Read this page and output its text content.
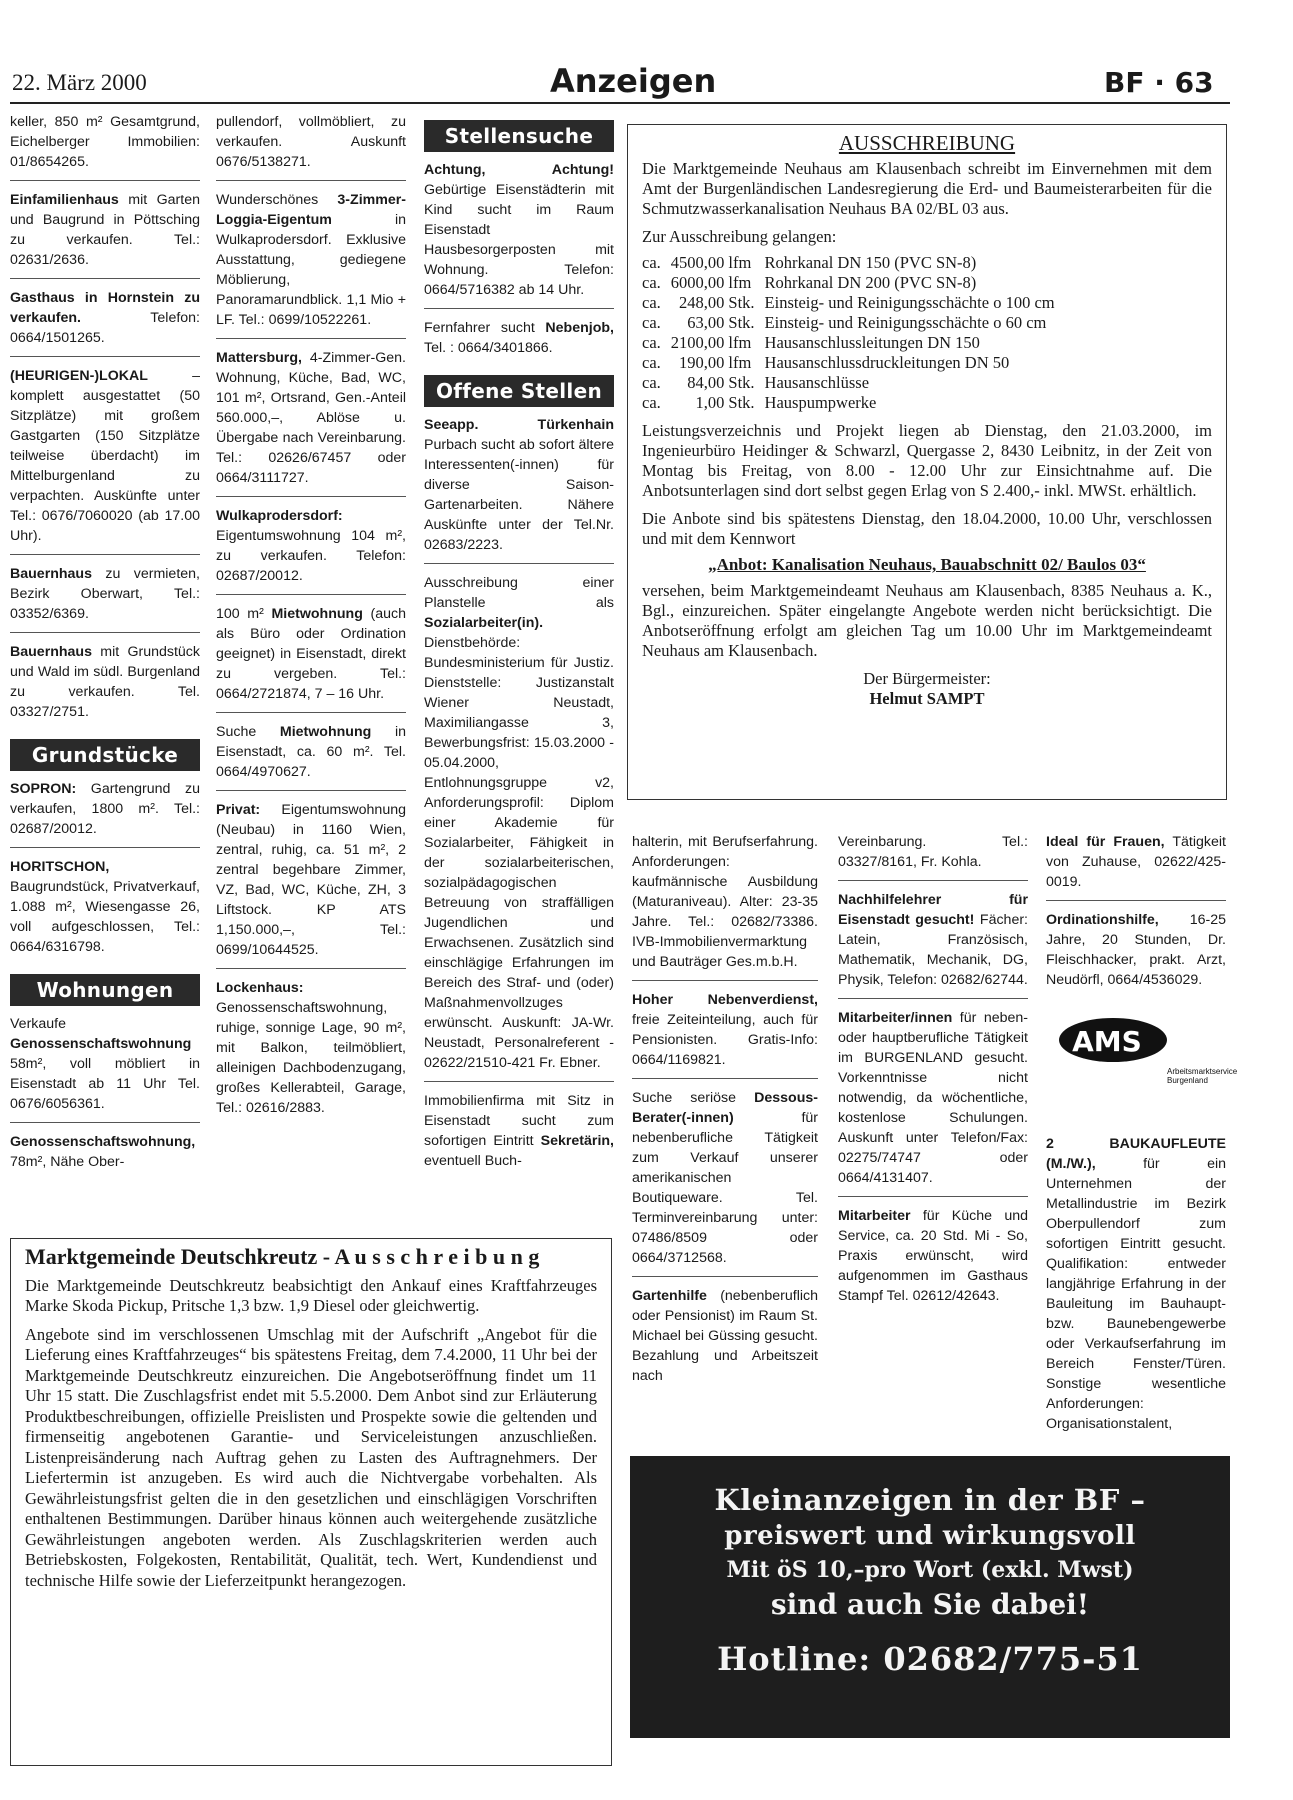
22. März 2000	Anzeigen	BF · 63
keller, 850 m² Gesamtgrund, Eichelberger Immobilien: 01/8654265.
Einfamilienhaus mit Garten und Baugrund in Pöttsching zu verkaufen. Tel.: 02631/2636.
Gasthaus in Hornstein zu verkaufen. Telefon: 0664/1501265.
(HEURIGEN-)LOKAL – komplett ausgestattet (50 Sitzplätze) mit großem Gastgarten (150 Sitzplätze teilweise überdacht) im Mittelburgenland zu verpachten. Auskünfte unter Tel.: 0676/7060020 (ab 17.00 Uhr).
Bauernhaus zu vermieten, Bezirk Oberwart, Tel.: 03352/6369.
Bauernhaus mit Grundstück und Wald im südl. Burgenland zu verkaufen. Tel. 03327/2751.
Grundstücke
SOPRON: Gartengrund zu verkaufen, 1800 m². Tel.: 02687/20012.
HORITSCHON, Baugrundstück, Privatverkauf, 1.088 m², Wiesengasse 26, voll aufgeschlossen, Tel.: 0664/6316798.
Wohnungen
Verkaufe Genossenschaftswohnung 58m², voll möbliert in Eisenstadt ab 11 Uhr Tel. 0676/6056361.
Genossenschaftswohnung, 78m², Nähe Ober-
pullendorf, vollmöbliert, zu verkaufen. Auskunft 0676/5138271.
Wunderschönes 3-Zimmer-Loggia-Eigentum in Wulkaprodersdorf. Exklusive Ausstattung, gediegene Möblierung, Panoramarundblick. 1,1 Mio + LF. Tel.: 0699/10522261.
Mattersburg, 4-Zimmer-Gen. Wohnung, Küche, Bad, WC, 101 m², Ortsrand, Gen.-Anteil 560.000,–, Ablöse u. Übergabe nach Vereinbarung. Tel.: 02626/67457 oder 0664/3111727.
Wulkaprodersdorf: Eigentumswohnung 104 m², zu verkaufen. Telefon: 02687/20012.
100 m² Mietwohnung (auch als Büro oder Ordination geeignet) in Eisenstadt, direkt zu vergeben. Tel.: 0664/2721874, 7 – 16 Uhr.
Suche Mietwohnung in Eisenstadt, ca. 60 m². Tel. 0664/4970627.
Privat: Eigentumswohnung (Neubau) in 1160 Wien, zentral, ruhig, ca. 51 m², 2 zentral begehbare Zimmer, VZ, Bad, WC, Küche, ZH, 3 Liftstock. KP ATS 1,150.000,–, Tel.: 0699/10644525.
Lockenhaus: Genossenschaftswohnung, ruhige, sonnige Lage, 90 m², mit Balkon, teilmöbliert, alleinigen Dachbodenzugang, großes Kellerabteil, Garage, Tel.: 02616/2883.
Stellensuche
Achtung, Achtung! Gebürtige Eisenstädterin mit Kind sucht im Raum Eisenstadt Hausbesorgerposten mit Wohnung. Telefon: 0664/5716382 ab 14 Uhr.
Fernfahrer sucht Nebenjob, Tel. : 0664/3401866.
Offene Stellen
Seeapp. Türkenhain Purbach sucht ab sofort ältere Interessenten(-innen) für diverse Saison-Gartenarbeiten. Nähere Auskünfte unter der Tel.Nr. 02683/2223.
Ausschreibung einer Planstelle als Sozialarbeiter(in). Dienstbehörde: Bundesministerium für Justiz. Dienststelle: Justizanstalt Wiener Neustadt, Maximiliangasse 3, Bewerbungsfrist: 15.03.2000 - 05.04.2000, Entlohnungsgruppe v2, Anforderungsprofil: Diplom einer Akademie für Sozialarbeiter, Fähigkeit in der sozialarbeiterischen, sozialpädagogischen Betreuung von straffälligen Jugendlichen und Erwachsenen. Zusätzlich sind einschlägige Erfahrungen im Bereich des Straf- und (oder) Maßnahmenvollzuges erwünscht. Auskunft: JA-Wr. Neustadt, Personalreferent - 02622/21510-421 Fr. Ebner.
Immobilienfirma mit Sitz in Eisenstadt sucht zum sofortigen Eintritt Sekretärin, eventuell Buch-
AUSSCHREIBUNG

Die Marktgemeinde Neuhaus am Klausenbach schreibt im Einvernehmen mit dem Amt der Burgenländischen Landesregierung die Erd- und Baumeisterarbeiten für die Schmutzwasserkanalisation Neuhaus BA 02/BL 03 aus.

Zur Ausschreibung gelangen:

ca.	4500,00	lfm	Rohrkanal DN 150 (PVC SN-8)
ca.	6000,00	lfm	Rohrkanal DN 200 (PVC SN-8)
ca.	248,00	Stk.	Einsteig- und Reinigungsschächte o 100 cm
ca.	63,00	Stk.	Einsteig- und Reinigungsschächte o 60 cm
ca.	2100,00	lfm	Hausanschlussleitungen DN 150
ca.	190,00	lfm	Hausanschlussdruckleitungen DN 50
ca.	84,00	Stk.	Hausanschlüsse
ca.	1,00	Stk.	Hauspumpwerke

Leistungsverzeichnis und Projekt liegen ab Dienstag, den 21.03.2000, im Ingenieurbüro Heidinger & Schwarzl, Quergasse 2, 8430 Leibnitz, in der Zeit von Montag bis Freitag, von 8.00 - 12.00 Uhr zur Einsichtnahme auf. Die Anbotsunterlagen sind dort selbst gegen Erlag von S 2.400,- inkl. MWSt. erhältlich.

Die Anbote sind bis spätestens Dienstag, den 18.04.2000, 10.00 Uhr, verschlossen und mit dem Kennwort

„Anbot: Kanalisation Neuhaus, Bauabschnitt 02/ Baulos 03“

versehen, beim Marktgemeindeamt Neuhaus am Klausenbach, 8385 Neuhaus a. K., Bgl., einzureichen. Später eingelangte Angebote werden nicht berücksichtigt. Die Anbotseröffnung erfolgt am gleichen Tag um 10.00 Uhr im Marktgemeindeamt Neuhaus am Klausenbach.

Der Bürgermeister:

Helmut SAMPT

halterin, mit Berufserfahrung. Anforderungen: kaufmännische Ausbildung (Maturaniveau). Alter: 23-35 Jahre. Tel.: 02682/73386. IVB-Immobilienvermarktung und Bauträger Ges.m.b.H.
Hoher Nebenverdienst, freie Zeiteinteilung, auch für Pensionisten. Gratis-Info: 0664/1169821.
Suche seriöse Dessous-Berater(-innen) für nebenberufliche Tätigkeit zum Verkauf unserer amerikanischen Boutiqueware. Tel. Terminvereinbarung unter: 07486/8509 oder 0664/3712568.
Gartenhilfe (nebenberuflich oder Pensionist) im Raum St. Michael bei Güssing gesucht. Bezahlung und Arbeitszeit nach
Vereinbarung. Tel.: 03327/8161, Fr. Kohla.
Nachhilfelehrer für Eisenstadt gesucht! Fächer: Latein, Französisch, Mathematik, Mechanik, DG, Physik, Telefon: 02682/62744.
Mitarbeiter/innen für neben- oder hauptberufliche Tätigkeit im BURGENLAND gesucht. Vorkenntnisse nicht notwendig, da wöchentliche, kostenlose Schulungen. Auskunft unter Telefon/Fax: 02275/74747 oder 0664/4131407.
Mitarbeiter für Küche und Service, ca. 20 Std. Mi - So, Praxis erwünscht, wird aufgenommen im Gasthaus Stampf Tel. 02612/42643.
Ideal für Frauen, Tätigkeit von Zuhause, 02622/425-0019.
Ordinationshilfe, 16-25 Jahre, 20 Stunden, Dr. Fleischhacker, prakt. Arzt, Neudörfl, 0664/4536029.
AMS
Arbeitsmarktservice
Burgenland
2 BAUKAUFLEUTE (M./W.), für ein Unternehmen der Metallindustrie im Bezirk Oberpullendorf zum sofortigen Eintritt gesucht. Qualifikation: entweder langjährige Erfahrung in der Bauleitung im Bauhaupt- bzw. Baunebengewerbe oder Verkaufserfahrung im Bereich Fenster/Türen. Sonstige wesentliche Anforderungen: Organisationstalent,
Marktgemeinde Deutschkreutz - A u s s c h r e i b u n g

Die Marktgemeinde Deutschkreutz beabsichtigt den Ankauf eines Kraftfahrzeuges Marke Skoda Pickup, Pritsche 1,3 bzw. 1,9 Diesel oder gleichwertig.

Angebote sind im verschlossenen Umschlag mit der Aufschrift „Angebot für die Lieferung eines Kraftfahrzeuges“ bis spätestens Freitag, dem 7.4.2000, 11 Uhr bei der Marktgemeinde Deutschkreutz einzureichen. Die Angebotseröffnung findet um 11 Uhr 15 statt. Die Zuschlagsfrist endet mit 5.5.2000. Dem Anbot sind zur Erläuterung Produktbeschreibungen, offizielle Preislisten und Prospekte sowie die geltenden und firmenseitig angebotenen Garantie- und Serviceleistungen anzuschließen. Listenpreisänderung nach Auftrag gehen zu Lasten des Auftragnehmers. Der Liefertermin ist anzugeben. Es wird auch die Nichtvergabe vorbehalten. Als Gewährleistungsfrist gelten die in den gesetzlichen und einschlägigen Vorschriften enthaltenen Bestimmungen. Darüber hinaus können auch weitergehende zusätzliche Gewährleistungen angeboten werden. Als Zuschlagskriterien werden auch Betriebskosten, Folgekosten, Rentabilität, Qualität, tech. Wert, Kundendienst und technische Hilfe sowie der Lieferzeitpunkt herangezogen.

Kleinanzeigen in der BF –
preiswert und wirkungsvoll
Mit öS 10,–pro Wort (exkl. Mwst)
sind auch Sie dabei!
Hotline: 02682/775-51
